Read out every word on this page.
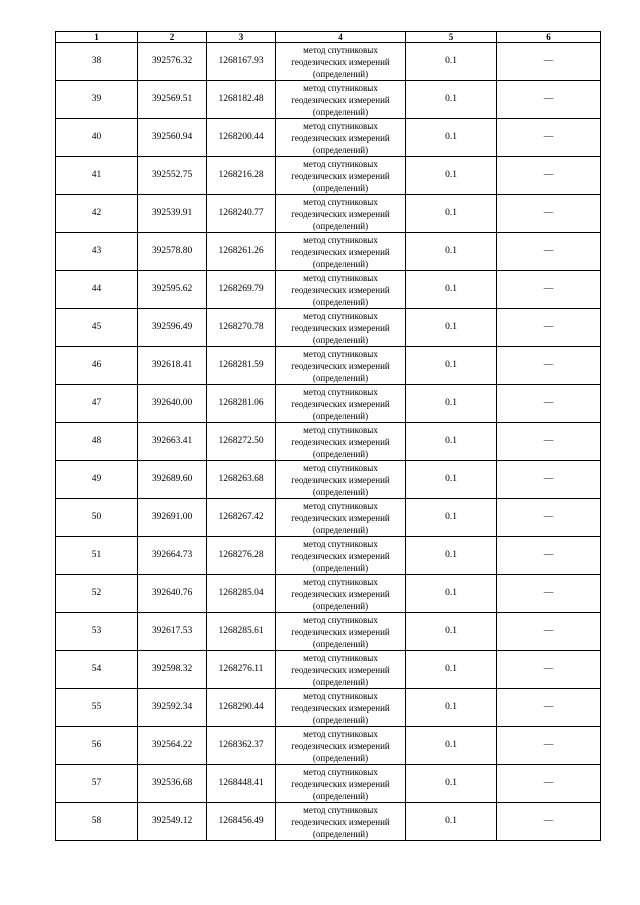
1	2	3	4	5	6
38	392576.32	1268167.93	метод спутниковых
геодезических измерений
(определений)	0.1	—
39	392569.51	1268182.48	метод спутниковых
геодезических измерений
(определений)	0.1	—
40	392560.94	1268200.44	метод спутниковых
геодезических измерений
(определений)	0.1	—
41	392552.75	1268216.28	метод спутниковых
геодезических измерений
(определений)	0.1	—
42	392539.91	1268240.77	метод спутниковых
геодезических измерений
(определений)	0.1	—
43	392578.80	1268261.26	метод спутниковых
геодезических измерений
(определений)	0.1	—
44	392595.62	1268269.79	метод спутниковых
геодезических измерений
(определений)	0.1	—
45	392596.49	1268270.78	метод спутниковых
геодезических измерений
(определений)	0.1	—
46	392618.41	1268281.59	метод спутниковых
геодезических измерений
(определений)	0.1	—
47	392640.00	1268281.06	метод спутниковых
геодезических измерений
(определений)	0.1	—
48	392663.41	1268272.50	метод спутниковых
геодезических измерений
(определений)	0.1	—
49	392689.60	1268263.68	метод спутниковых
геодезических измерений
(определений)	0.1	—
50	392691.00	1268267.42	метод спутниковых
геодезических измерений
(определений)	0.1	—
51	392664.73	1268276.28	метод спутниковых
геодезических измерений
(определений)	0.1	—
52	392640.76	1268285.04	метод спутниковых
геодезических измерений
(определений)	0.1	—
53	392617.53	1268285.61	метод спутниковых
геодезических измерений
(определений)	0.1	—
54	392598.32	1268276.11	метод спутниковых
геодезических измерений
(определений)	0.1	—
55	392592.34	1268290.44	метод спутниковых
геодезических измерений
(определений)	0.1	—
56	392564.22	1268362.37	метод спутниковых
геодезических измерений
(определений)	0.1	—
57	392536.68	1268448.41	метод спутниковых
геодезических измерений
(определений)	0.1	—
58	392549.12	1268456.49	метод спутниковых
геодезических измерений
(определений)	0.1	—
